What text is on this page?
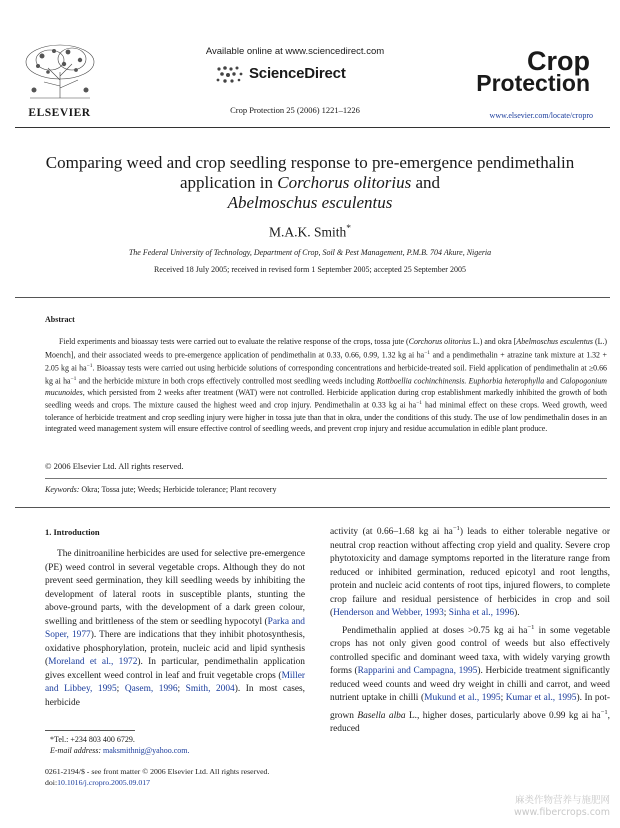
ELSEVIER
Available online at www.sciencedirect.com
ScienceDirect
Crop Protection 25 (2006) 1221–1226
Crop
Protection
www.elsevier.com/locate/cropro
Comparing weed and crop seedling response to pre-emergence pendimethalin application in Corchorus olitorius and
Abelmoschus esculentus
M.A.K. Smith*
The Federal University of Technology, Department of Crop, Soil & Pest Management, P.M.B. 704 Akure, Nigeria
Received 18 July 2005; received in revised form 1 September 2005; accepted 25 September 2005
Abstract
Field experiments and bioassay tests were carried out to evaluate the relative response of the crops, tossa jute (Corchorus olitorius L.) and okra [Abelmoschus esculentus (L.) Moench], and their associated weeds to pre-emergence application of pendimethalin at 0.33, 0.66, 0.99, 1.32 kg ai $ha^{-1}$ and a pendimethalin + atrazine tank mixture at 1.32 + 2.05 kg ai $ha^{-1}$. Bioassay tests were carried out using herbicide solutions of corresponding concentrations and herbicide-treated soil. Field application of pendimethalin at ≥0.66 kg ai $ha^{-1}$ and the herbicide mixture in both crops effectively controlled most seedling weeds including Rottboellia cochinchinensis. Euphorbia heterophylla and Calopogonium mucunoides, which persisted from 2 weeks after treatment (WAT) were not controlled. Herbicide application during crop establishment markedly inhibited the growth of both seedling weeds and crops. The mixture caused the highest weed and crop injury. Pendimethalin at 0.33 kg ai $ha^{-1}$ had minimal effect on these crops. Weed growth, weed tolerance of herbicide treatment and crop seedling injury were higher in tossa jute than that in okra, under the conditions of this study. The use of low pendimethalin doses in an integrated weed management system will ensure effective control of seedling weeds, and prevent crop injury and residue accumulation in edible plant produce.
© 2006 Elsevier Ltd. All rights reserved.
Keywords: Okra; Tossa jute; Weeds; Herbicide tolerance; Plant recovery
1. Introduction
The dinitroaniline herbicides are used for selective pre-emergence (PE) weed control in several vegetable crops. Although they do not prevent seed germination, they kill seedling weeds by inhibiting the development of lateral roots in susceptible plants, stunting the above-ground parts, with the development of a dark green colour, swelling and brittleness of the stem or seedling hypocotyl (Parka and Soper, 1977). There are indications that they inhibit photosynthesis, oxidative phosphorylation, protein, nucleic acid and lipid synthesis (Moreland et al., 1972). In particular, pendimethalin application gives excellent weed control in leaf and fruit vegetable crops (Miller and Libbey, 1995; Qasem, 1996; Smith, 2004). In most cases, herbicide

activity (at 0.66–1.68 kg ai $ha^{-1}$) leads to either tolerable negative or neutral crop reaction without affecting crop yield and quality. Severe crop phytotoxicity and damage symptoms reported in the literature range from reduced or inhibited germination, reduced epicotyl and root lengths, protein and nucleic acid contents of root tips, injured flowers, to complete crop failure and residual persistence of herbicides in crop and soil (Henderson and Webber, 1993; Sinha et al., 1996).

Pendimethalin applied at doses >0.75 kg ai $ha^{-1}$ in some vegetable crops has not only given good control of weeds but also effectively controlled specific and dominant weed taxa, with widely varying growth forms (Rapparini and Campagna, 1995). Herbicide treatment significantly reduced weed counts and weed dry weight in chilli and carrot, and weed nutrient uptake in chilli (Mukund et al., 1995; Kumar et al., 1995). In pot-grown Basella alba L., higher doses, particularly above 0.99 kg ai $ha^{-1}$, reduced

*Tel.: +234 803 400 6729.
E-mail address: maksmithnig@yahoo.com.
0261-2194/$ - see front matter © 2006 Elsevier Ltd. All rights reserved.
doi:10.1016/j.cropro.2005.09.017
麻类作物营养与施肥网
www.fibercrops.com
